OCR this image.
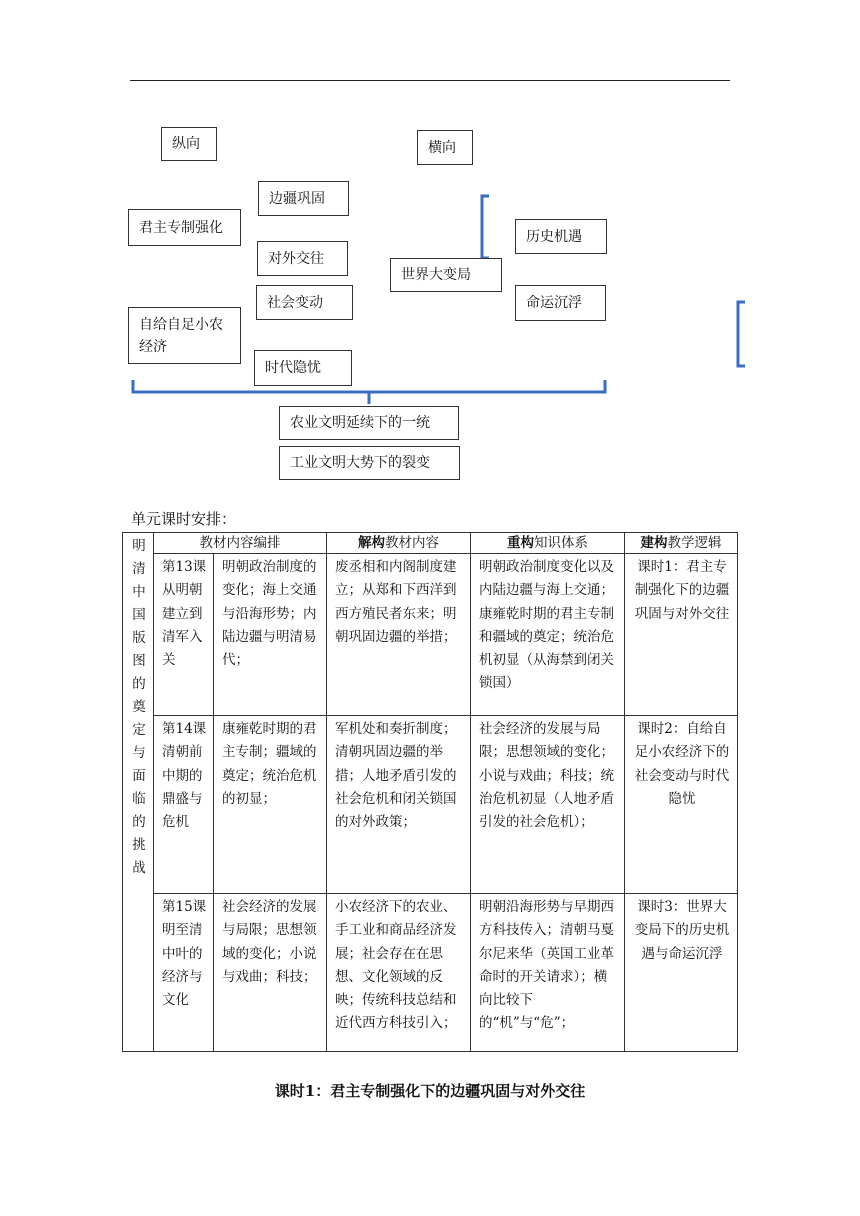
纵向	横向
君主专制强化
自给自足小农经济
边疆巩固
对外交往
社会变动
时代隐忧
世界大变局
历史机遇
命运沉浮
农业文明延续下的一统
工业文明大势下的裂变
单元课时安排：
明清中国版图的奠定与面临的挑战	教材内容编排		解构教材内容	重构知识体系	建构教学逻辑
	第13课 从明朝建立到清军入关	明朝政治制度的变化；海上交通与沿海形势；内陆边疆与明清易代；	废丞相和内阁制度建立；从郑和下西洋到西方殖民者东来；明朝巩固边疆的举措；	明朝政治制度变化以及内陆边疆与海上交通；康雍乾时期的君主专制和疆域的奠定；统治危机初显（从海禁到闭关锁国）	课时1：君主专制强化下的边疆巩固与对外交往
	第14课 清朝前中期的鼎盛与危机	康雍乾时期的君主专制；疆域的奠定；统治危机的初显；	军机处和奏折制度；清朝巩固边疆的举措；人地矛盾引发的社会危机和闭关锁国的对外政策；	社会经济的发展与局限；思想领域的变化；小说与戏曲；科技；统治危机初显（人地矛盾引发的社会危机）；	课时2：自给自足小农经济下的社会变动与时代隐忧
	第15课 明至清中叶的经济与文化	社会经济的发展与局限；思想领域的变化；小说与戏曲；科技；	小农经济下的农业、手工业和商品经济发展；社会存在在思想、文化领域的反映；传统科技总结和近代西方科技引入；	明朝沿海形势与早期西方科技传入；清朝马戛尔尼来华（英国工业革命时的开关请求）；横向比较下的“机”与“危”；	课时3：世界大变局下的历史机遇与命运沉浮
课时1：君主专制强化下的边疆巩固与对外交往
